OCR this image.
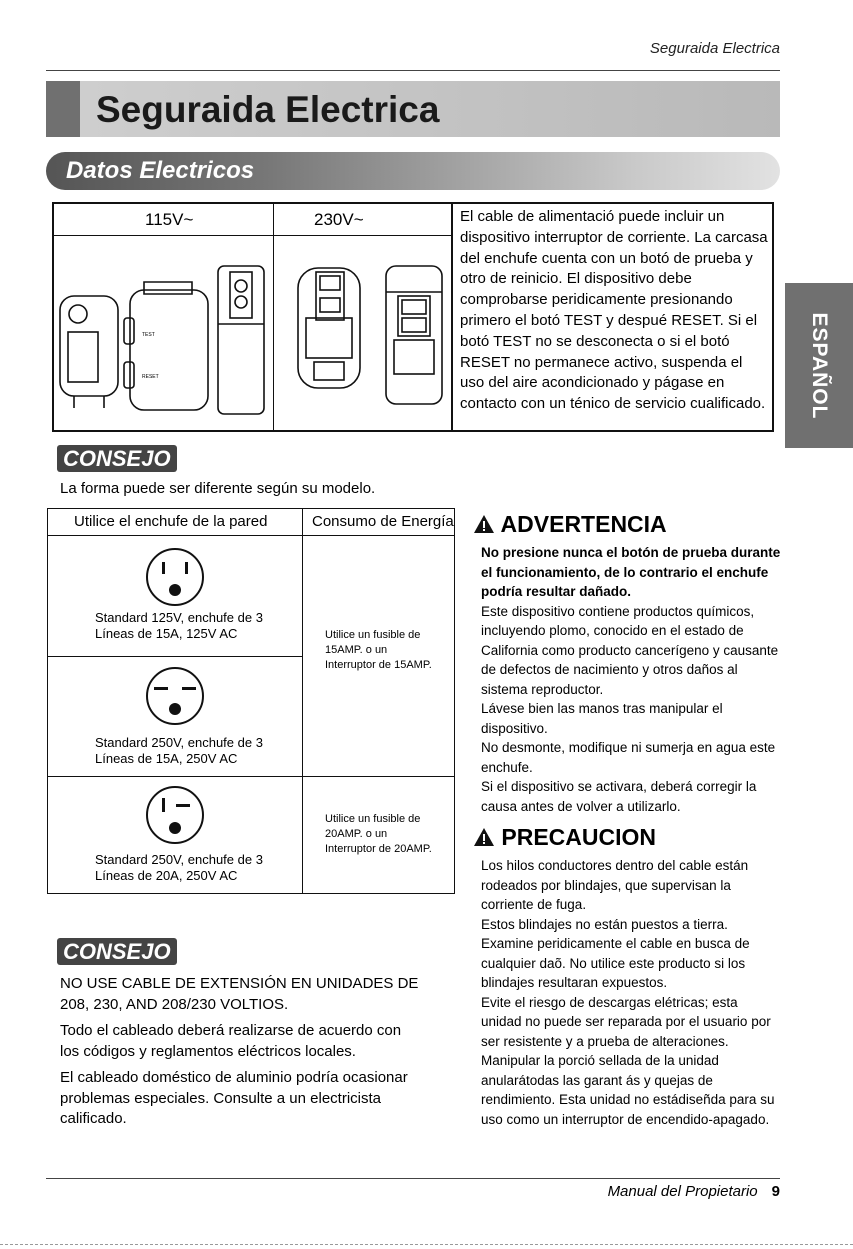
Seguraida Electrica
Seguraida Electrica
Datos Electricos
ESPAÑOL
115V~	230V~
TEST
RESET
El cable de alimentació puede incluir un dispositivo interruptor de corriente. La carcasa del enchufe cuenta con un botó de prueba y otro de reinicio. El dispositivo debe comprobarse peridicamente presionando primero el botó TEST y despué RESET. Si el botó TEST no se desconecta o si el botó RESET no permanece activo, suspenda el uso del aire acondicionado y págase en contacto con un ténico de servicio cualificado.
CONSEJO
La forma puede ser diferente según su modelo.
Utilice el enchufe de la pared	Consumo de Energía
Standard 125V, enchufe de 3
Líneas de 15A, 125V AC
Standard 250V, enchufe de 3
Líneas de 15A, 250V AC
Standard 250V, enchufe de 3
Líneas de 20A, 250V AC
Utilice un fusible de
15AMP. o un
Interruptor de 15AMP.
Utilice un fusible de
20AMP. o un
Interruptor de 20AMP.
ADVERTENCIA
No presione nunca el botón de prueba durante el funcionamiento, de lo contrario el enchufe podría resultar dañado.
Este dispositivo contiene productos químicos, incluyendo plomo, conocido en el estado de California como producto cancerígeno y causante de defectos de nacimiento y otros daños al sistema reproductor.
Lávese bien las manos tras manipular el dispositivo.
No desmonte, modifique ni sumerja en agua este enchufe.
Si el dispositivo se activara, deberá corregir la causa antes de volver a utilizarlo.
PRECAUCION
Los hilos conductores dentro del cable están rodeados por blindajes, que supervisan la corriente de fuga.
Estos blindajes no están puestos a tierra.
Examine peridicamente el cable en busca de cualquier daõ. No utilice este producto si los blindajes resultaran expuestos.
Evite el riesgo de descargas elétricas; esta unidad no puede ser reparada por el usuario por ser resistente y a prueba de alteraciones. Manipular la porció sellada de la unidad anularátodas las garant ás y quejas de rendimiento. Esta unidad no estádiseñda para su uso como un interruptor de encendido-apagado.
CONSEJO
NO USE CABLE DE EXTENSIÓN EN UNIDADES DE 208, 230, AND 208/230 VOLTIOS.
Todo el cableado deberá realizarse de acuerdo con los códigos y reglamentos eléctricos locales.
El cableado doméstico de aluminio podría ocasionar problemas especiales. Consulte a un electricista calificado.
Manual del Propietario 9
